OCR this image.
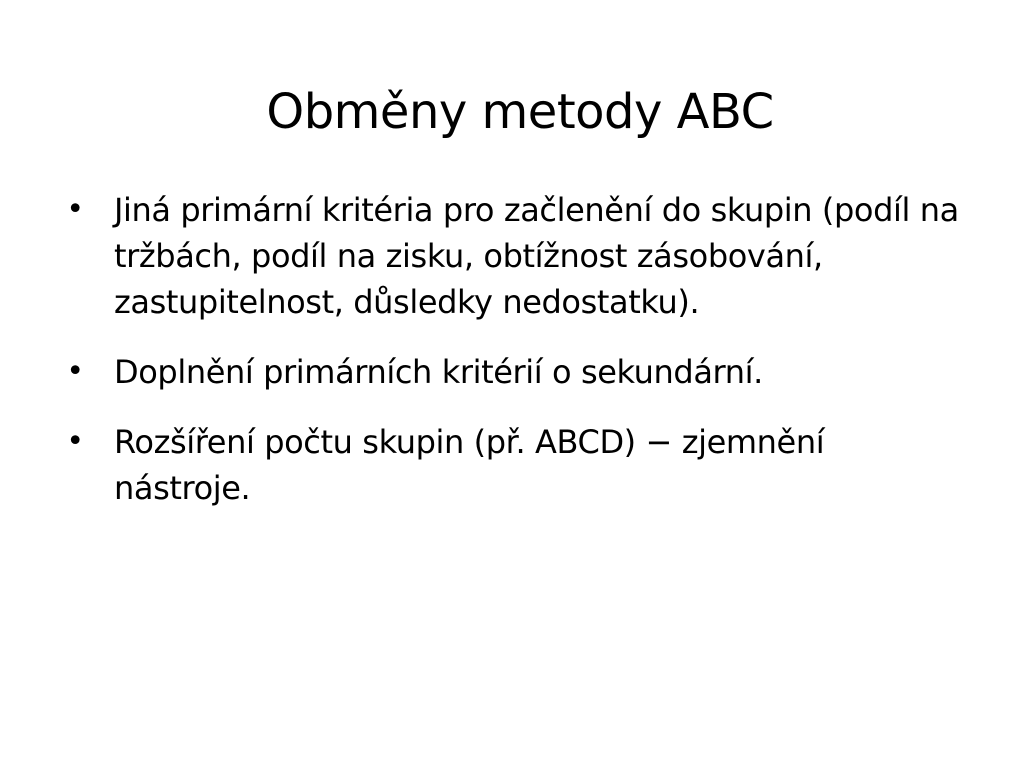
Obměny metody ABC
• Jiná primární kritéria pro začlenění do skupin (podíl na tržbách, podíl na zisku, obtížnost zásobování, zastupitelnost, důsledky nedostatku).
• Doplnění primárních kritérií o sekundární.
• Rozšíření počtu skupin (př. ABCD) − zjemnění nástroje.
